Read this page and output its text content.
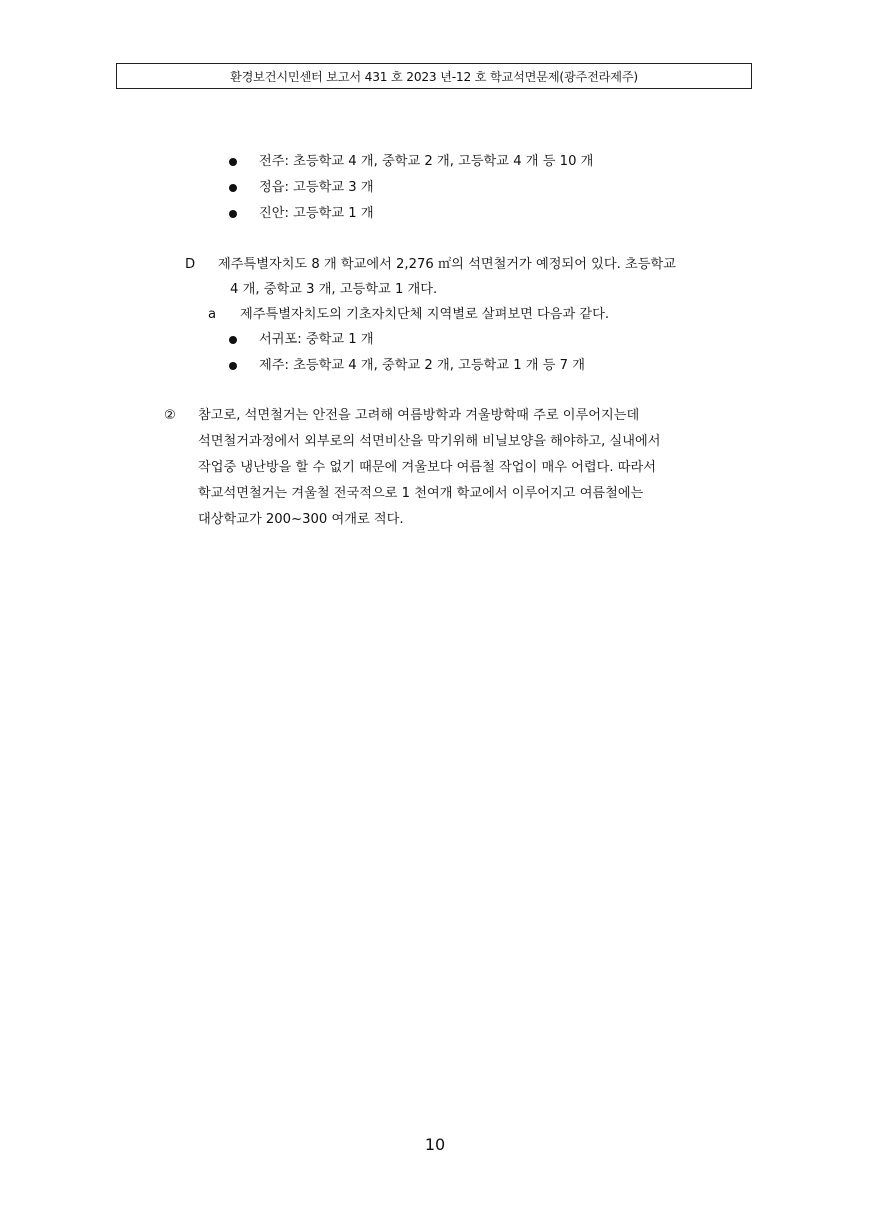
환경보건시민센터 보고서 431 호 2023 년-12 호 학교석면문제(광주전라제주)
전주: 초등학교 4 개, 중학교 2 개, 고등학교 4 개 등 10 개
정읍: 고등학교 3 개
진안: 고등학교 1 개
D 제주특별자치도 8 개 학교에서 2,276 ㎡의 석면철거가 예정되어 있다. 초등학교
4 개, 중학교 3 개, 고등학교 1 개다.
a 제주특별자치도의 기초자치단체 지역별로 살펴보면 다음과 같다.
서귀포: 중학교 1 개
제주: 초등학교 4 개, 중학교 2 개, 고등학교 1 개 등 7 개
② 참고로, 석면철거는 안전을 고려해 여름방학과 겨울방학때 주로 이루어지는데
석면철거과정에서 외부로의 석면비산을 막기위해 비닐보양을 해야하고, 실내에서
작업중 냉난방을 할 수 없기 때문에 겨울보다 여름철 작업이 매우 어렵다. 따라서
학교석면철거는 겨울철 전국적으로 1 천여개 학교에서 이루어지고 여름철에는
대상학교가 200~300 여개로 적다.
10
